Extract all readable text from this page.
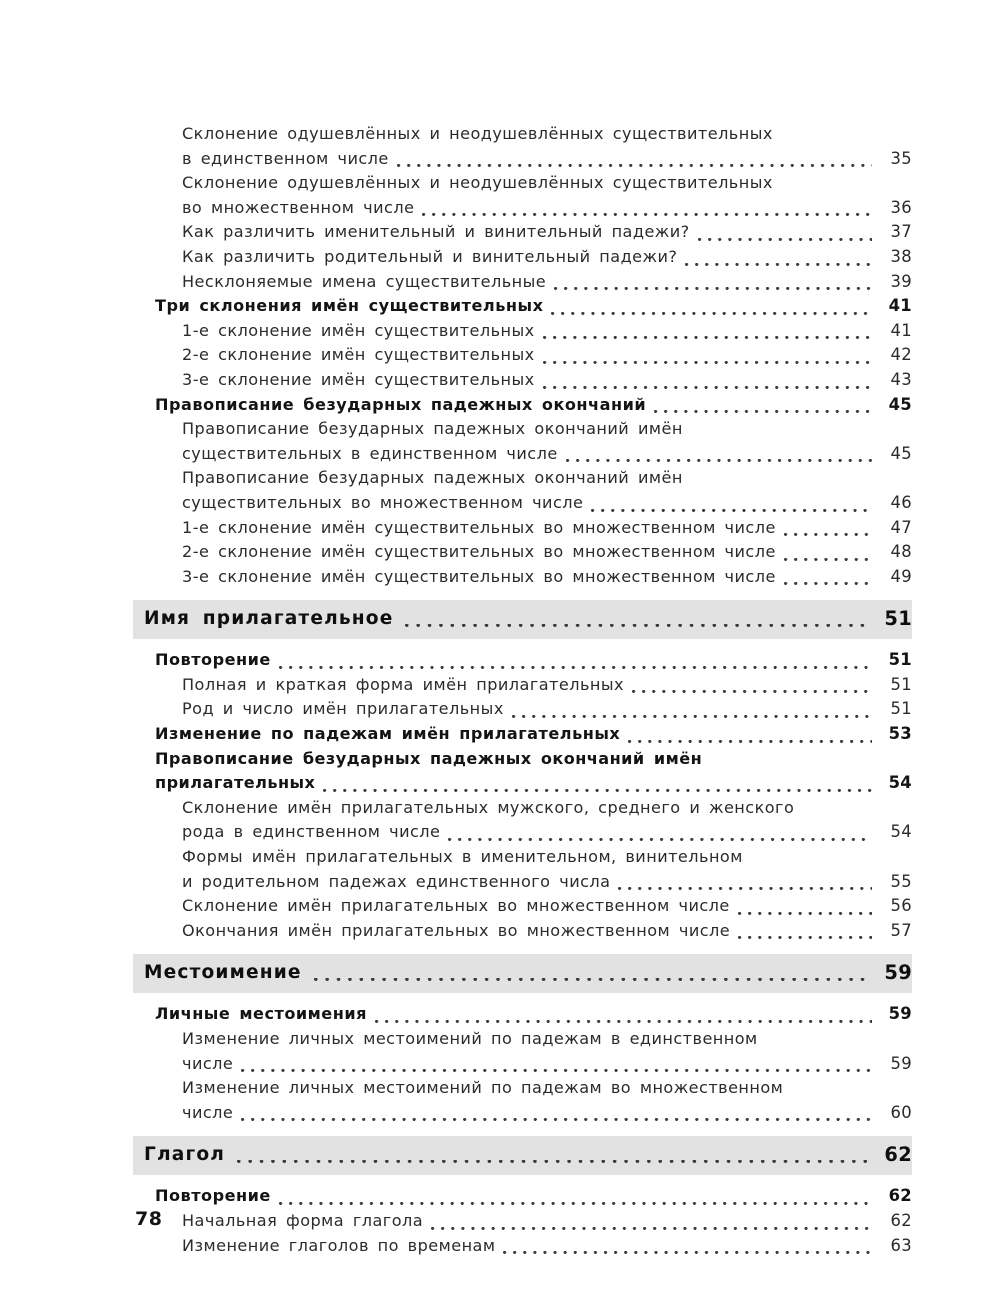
Склонение одушевлённых и неодушевлённых существительных
в единственном числе	35
Склонение одушевлённых и неодушевлённых существительных
во множественном числе	36
Как различить именительный и винительный падежи?	37
Как различить родительный и винительный падежи?	38
Несклоняемые имена существительные	39
Три склонения имён существительных	41
1-е склонение имён существительных	41
2-е склонение имён существительных	42
3-е склонение имён существительных	43
Правописание безударных падежных окончаний	45
Правописание безударных падежных окончаний имён
существительных в единственном числе	45
Правописание безударных падежных окончаний имён
существительных во множественном числе	46
1-е склонение имён существительных во множественном числе	47
2-е склонение имён существительных во множественном числе	48
3-е склонение имён существительных во множественном числе	49
Имя прилагательное	51
Повторение	51
Полная и краткая форма имён прилагательных	51
Род и число имён прилагательных	51
Изменение по падежам имён прилагательных	53
Правописание безударных падежных окончаний имён
прилагательных	54
Склонение имён прилагательных мужского, среднего и женского
рода в единственном числе	54
Формы имён прилагательных в именительном, винительном
и родительном падежах единственного числа	55
Склонение имён прилагательных во множественном числе	56
Окончания имён прилагательных во множественном числе	57
Местоимение	59
Личные местоимения	59
Изменение личных местоимений по падежам в единственном
числе	59
Изменение личных местоимений по падежам во множественном
числе	60
Глагол	62
Повторение	62
Начальная форма глагола	62
Изменение глаголов по временам	63
78
